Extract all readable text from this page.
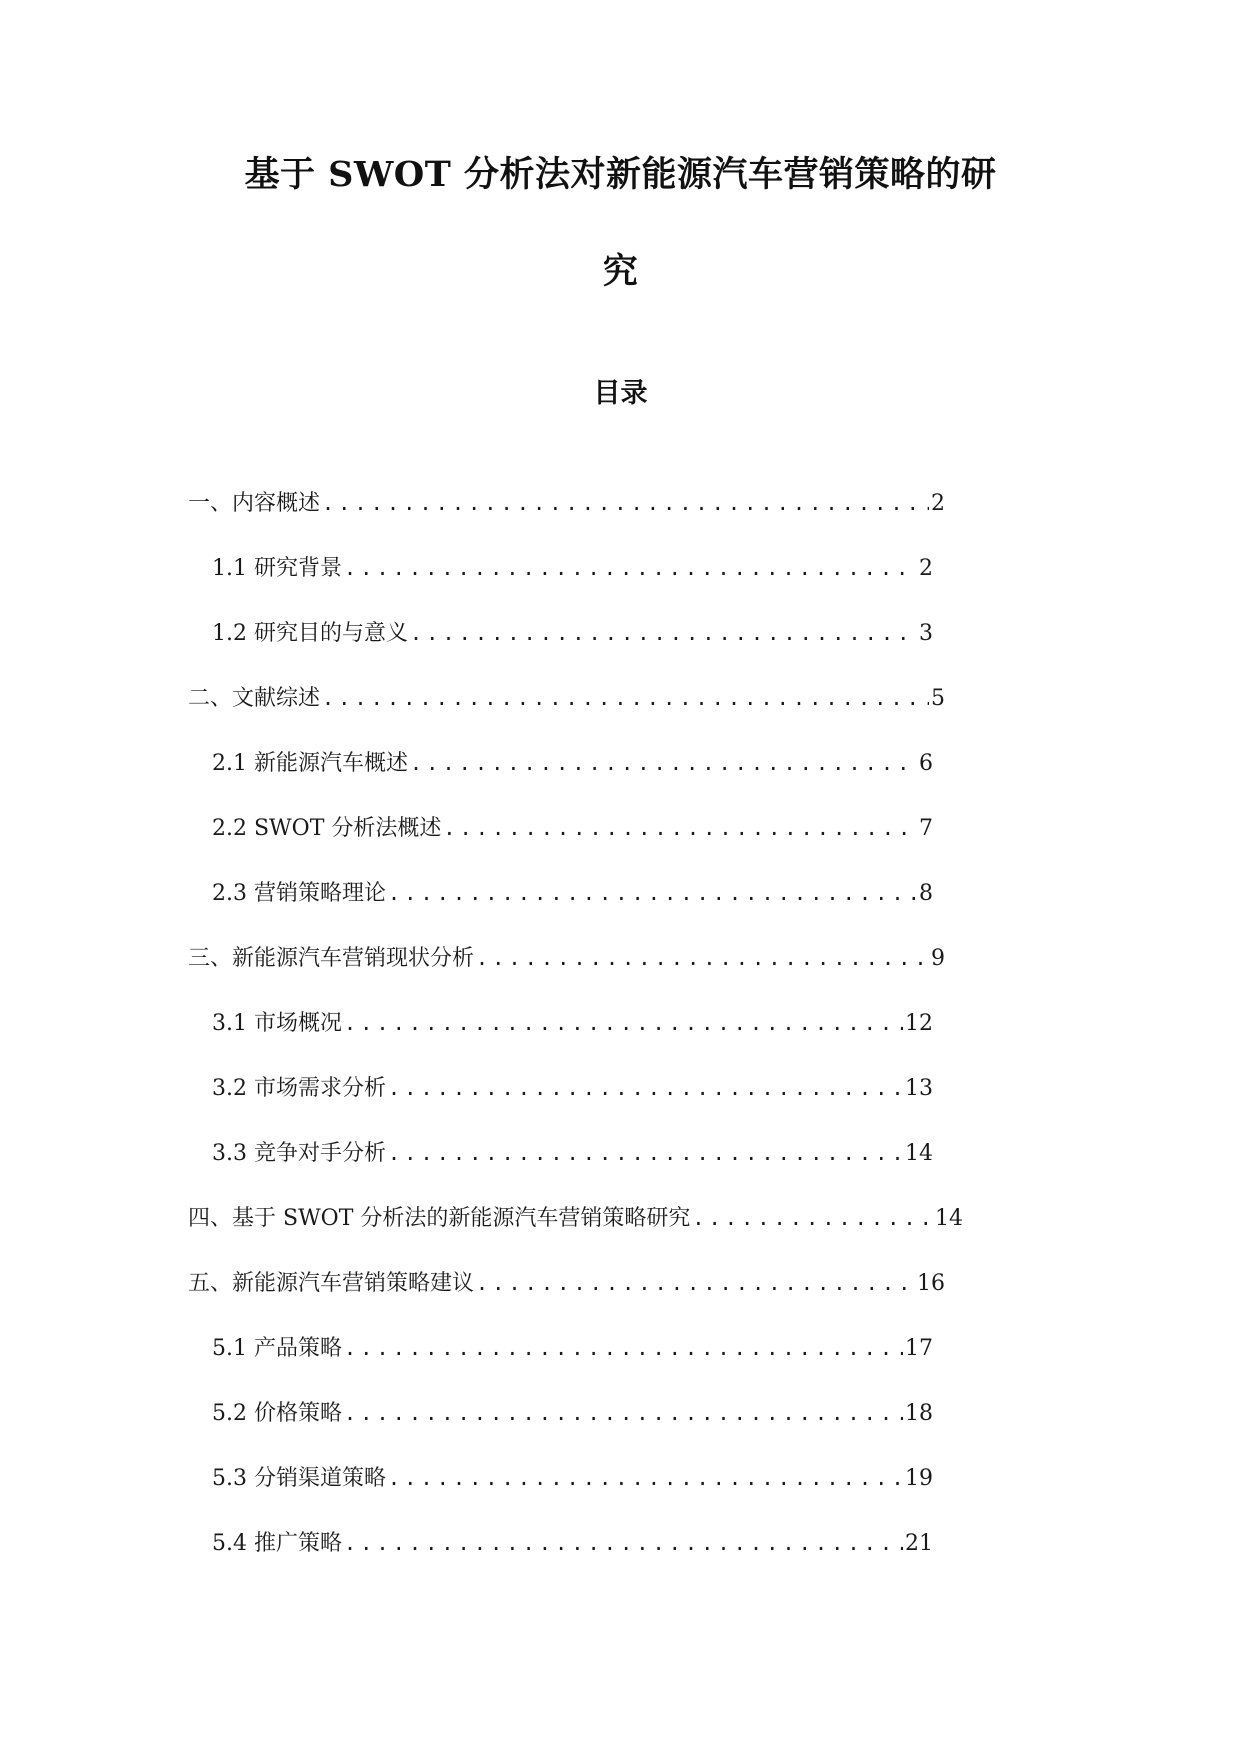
基于 SWOT 分析法对新能源汽车营销策略的研
究
目录
一、内容概述 .....	2
1.1 研究背景 .....	2
1.2 研究目的与意义 .....	3
二、文献综述 .....	5
2.1 新能源汽车概述 .....	6
2.2 SWOT 分析法概述 .....	7
2.3 营销策略理论 .....	8
三、新能源汽车营销现状分析 .....	9
3.1 市场概况 .....	12
3.2 市场需求分析 .....	13
3.3 竞争对手分析 .....	14
四、基于 SWOT 分析法的新能源汽车营销策略研究 .....	14
五、新能源汽车营销策略建议 .....	16
5.1 产品策略 .....	17
5.2 价格策略 .....	18
5.3 分销渠道策略 .....	19
5.4 推广策略 .....	21
